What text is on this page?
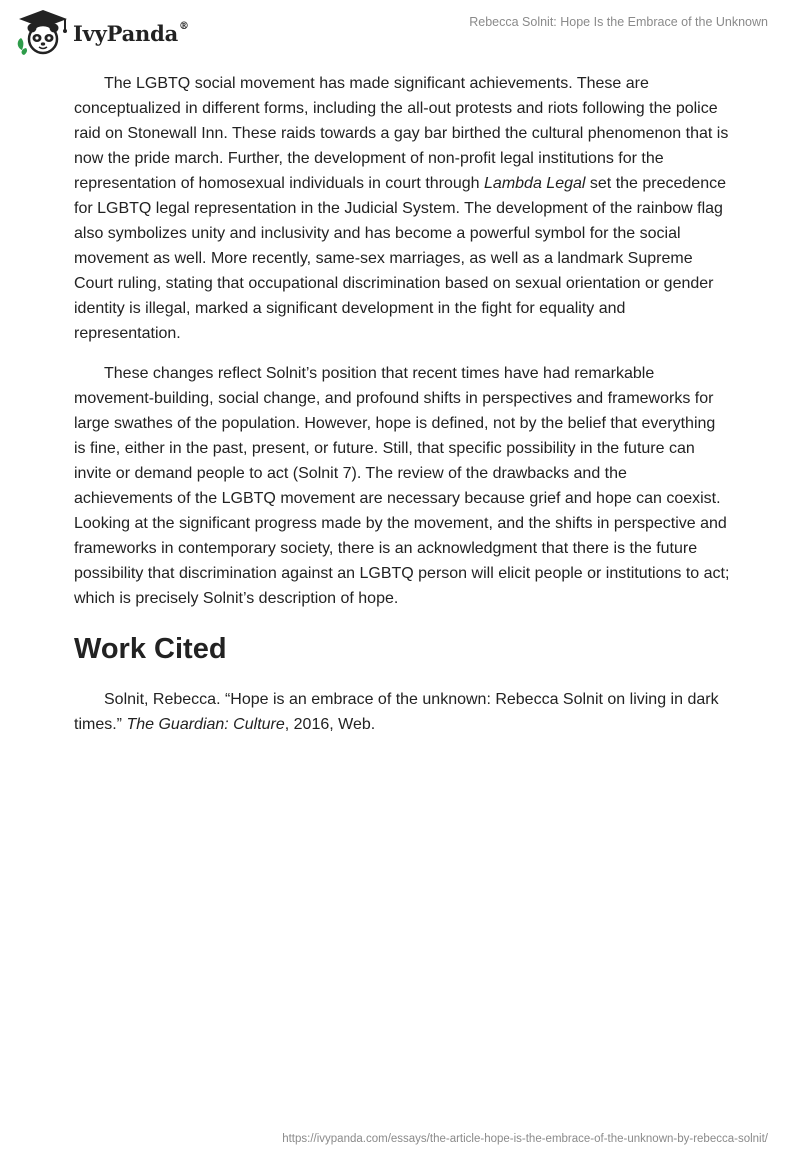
IvyPanda®	Rebecca Solnit: Hope Is the Embrace of the Unknown

The LGBTQ social movement has made significant achievements. These are conceptualized in different forms, including the all-out protests and riots following the police raid on Stonewall Inn. These raids towards a gay bar birthed the cultural phenomenon that is now the pride march. Further, the development of non-profit legal institutions for the representation of homosexual individuals in court through Lambda Legal set the precedence for LGBTQ legal representation in the Judicial System. The development of the rainbow flag also symbolizes unity and inclusivity and has become a powerful symbol for the social movement as well. More recently, same-sex marriages, as well as a landmark Supreme Court ruling, stating that occupational discrimination based on sexual orientation or gender identity is illegal, marked a significant development in the fight for equality and representation.

These changes reflect Solnit’s position that recent times have had remarkable movement-building, social change, and profound shifts in perspectives and frameworks for large swathes of the population. However, hope is defined, not by the belief that everything is fine, either in the past, present, or future. Still, that specific possibility in the future can invite or demand people to act (Solnit 7). The review of the drawbacks and the achievements of the LGBTQ movement are necessary because grief and hope can coexist. Looking at the significant progress made by the movement, and the shifts in perspective and frameworks in contemporary society, there is an acknowledgment that there is the future possibility that discrimination against an LGBTQ person will elicit people or institutions to act; which is precisely Solnit’s description of hope.

Work Cited

Solnit, Rebecca. “Hope is an embrace of the unknown: Rebecca Solnit on living in dark times.” The Guardian: Culture, 2016, Web.

https://ivypanda.com/essays/the-article-hope-is-the-embrace-of-the-unknown-by-rebecca-solnit/
